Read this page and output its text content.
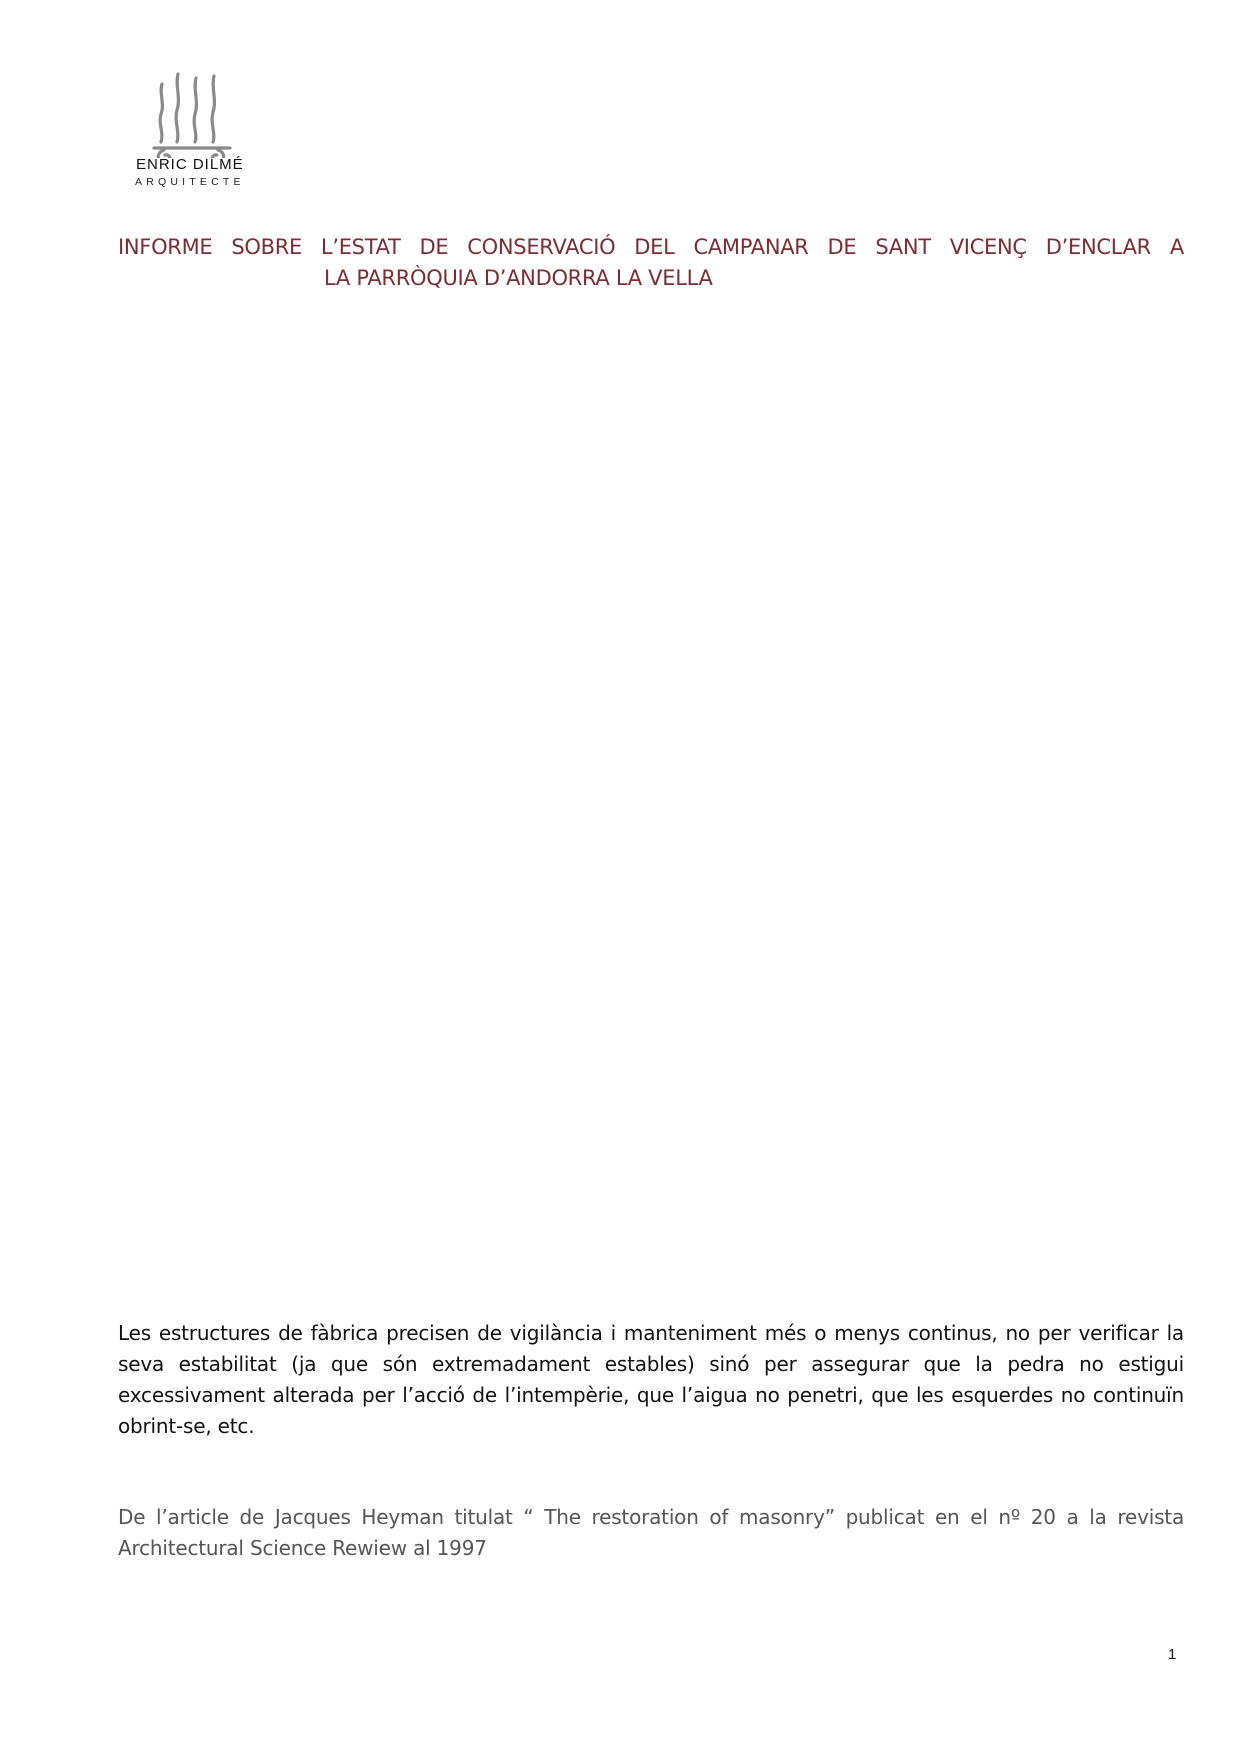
ENRIC DILMÉ
ARQUITECTE
INFORME SOBRE L’ESTAT DE CONSERVACIÓ DEL CAMPANAR DE SANT VICENÇ D’ENCLAR A
LA PARRÒQUIA D’ANDORRA LA VELLA

Les estructures de fàbrica precisen de vigilància i manteniment més o menys continus, no per verificar la seva estabilitat (ja que són extremadament estables) sinó per assegurar que la pedra no estigui excessivament alterada per l’acció de l’intempèrie, que l’aigua no penetri, que les esquerdes no continuïn obrint-se, etc.

De l’article de Jacques Heyman titulat “ The restoration of masonry” publicat en el nº 20 a la revista Architectural Science Rewiew al 1997

1
